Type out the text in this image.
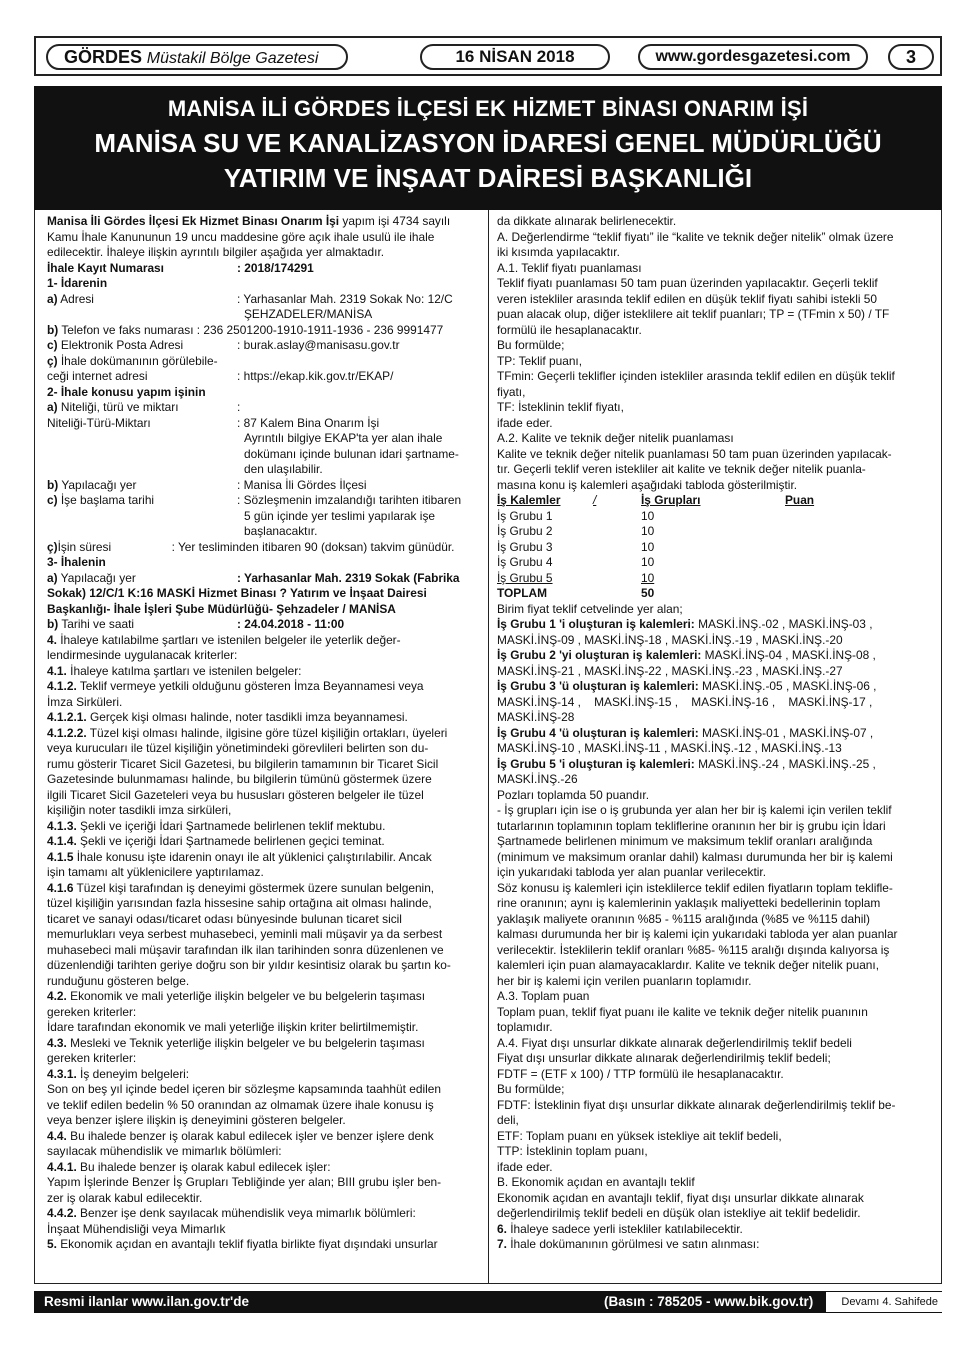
GÖRDES Müstakil Bölge Gazetesi	16 NİSAN 2018	www.gordesgazetesi.com	3
MANİSA İLİ GÖRDES İLÇESİ EK HİZMET BİNASI ONARIM İŞİ
MANİSA SU VE KANALİZASYON İDARESİ GENEL MÜDÜRLÜĞÜ
YATIRIM VE İNŞAAT DAİRESİ BAŞKANLIĞI
Manisa İli Gördes İlçesi Ek Hizmet Binası Onarım İşi yapım işi 4734 sayılı
Kamu İhale Kanununun 19 uncu maddesine göre açık ihale usulü ile ihale
edilecektir. İhaleye ilişkin ayrıntılı bilgiler aşağıda yer almaktadır.
İhale Kayıt Numarası	: 2018/174291
1- İdarenin
a) Adresi	: Yarhasanlar Mah. 2319 Sokak No: 12/C
ŞEHZADELER/MANİSA
b) Telefon ve faks numarası : 236 2501200-1910-1911-1936 - 236 9991477
c) Elektronik Posta Adresi	: burak.aslay@manisasu.gov.tr
ç) İhale dokümanının görülebile-
ceği internet adresi	: https://ekap.kik.gov.tr/EKAP/
2- İhale konusu yapım işinin
a) Niteliği, türü ve miktarı	:
Niteliği-Türü-Miktarı	: 87 Kalem Bina Onarım İşi
Ayrıntılı bilgiye EKAP'ta yer alan ihale
dokümanı içinde bulunan idari şartname-
den ulaşılabilir.
b) Yapılacağı yer	: Manisa İli Gördes İlçesi
c) İşe başlama tarihi	: Sözleşmenin imzalandığı tarihten itibaren
5 gün içinde yer teslimi yapılarak işe
başlanacaktır.
ç)İşin süresi	: Yer tesliminden itibaren 90 (doksan) takvim günüdür.
3- İhalenin
a) Yapılacağı yer	: Yarhasanlar Mah. 2319 Sokak (Fabrika
Sokak) 12/C/1 K:16 MASKİ Hizmet Binası ? Yatırım ve İnşaat Dairesi
Başkanlığı- İhale İşleri Şube Müdürlüğü- Şehzadeler / MANİSA
b) Tarihi ve saati	: 24.04.2018 - 11:00
4. İhaleye katılabilme şartları ve istenilen belgeler ile yeterlik değer-
lendirmesinde uygulanacak kriterler:
4.1. İhaleye katılma şartları ve istenilen belgeler:
4.1.2. Teklif vermeye yetkili olduğunu gösteren İmza Beyannamesi veya
İmza Sirküleri.
4.1.2.1. Gerçek kişi olması halinde, noter tasdikli imza beyannamesi.
4.1.2.2. Tüzel kişi olması halinde, ilgisine göre tüzel kişiliğin ortakları, üyeleri
veya kurucuları ile tüzel kişiliğin yönetimindeki görevlileri belirten son du-
rumu gösterir Ticaret Sicil Gazetesi, bu bilgilerin tamamının bir Ticaret Sicil
Gazetesinde bulunmaması halinde, bu bilgilerin tümünü göstermek üzere
ilgili Ticaret Sicil Gazeteleri veya bu hususları gösteren belgeler ile tüzel
kişiliğin noter tasdikli imza sirküleri,
4.1.3. Şekli ve içeriği İdari Şartnamede belirlenen teklif mektubu.
4.1.4. Şekli ve içeriği İdari Şartnamede belirlenen geçici teminat.
4.1.5 İhale konusu işte idarenin onayı ile alt yüklenici çalıştırılabilir. Ancak
işin tamamı alt yüklenicilere yaptırılamaz.
4.1.6 Tüzel kişi tarafından iş deneyimi göstermek üzere sunulan belgenin,
tüzel kişiliğin yarısından fazla hissesine sahip ortağına ait olması halinde,
ticaret ve sanayi odası/ticaret odası bünyesinde bulunan ticaret sicil
memurlukları veya serbest muhasebeci, yeminli mali müşavir ya da serbest
muhasebeci mali müşavir tarafından ilk ilan tarihinden sonra düzenlenen ve
düzenlendiği tarihten geriye doğru son bir yıldır kesintisiz olarak bu şartın ko-
runduğunu gösteren belge.
4.2. Ekonomik ve mali yeterliğe ilişkin belgeler ve bu belgelerin taşıması
gereken kriterler:
İdare tarafından ekonomik ve mali yeterliğe ilişkin kriter belirtilmemiştir.
4.3. Mesleki ve Teknik yeterliğe ilişkin belgeler ve bu belgelerin taşıması
gereken kriterler:
4.3.1. İş deneyim belgeleri:
Son on beş yıl içinde bedel içeren bir sözleşme kapsamında taahhüt edilen
ve teklif edilen bedelin % 50 oranından az olmamak üzere ihale konusu iş
veya benzer işlere ilişkin iş deneyimini gösteren belgeler.
4.4. Bu ihalede benzer iş olarak kabul edilecek işler ve benzer işlere denk
sayılacak mühendislik ve mimarlık bölümleri:
4.4.1. Bu ihalede benzer iş olarak kabul edilecek işler:
Yapım İşlerinde Benzer İş Grupları Tebliğinde yer alan; BIII grubu işler ben-
zer iş olarak kabul edilecektir.
4.4.2. Benzer işe denk sayılacak mühendislik veya mimarlık bölümleri:
İnşaat Mühendisliği veya Mimarlık
5. Ekonomik açıdan en avantajlı teklif fiyatla birlikte fiyat dışındaki unsurlar
da dikkate alınarak belirlenecektir.
A. Değerlendirme “teklif fiyatı” ile “kalite ve teknik değer nitelik” olmak üzere
iki kısımda yapılacaktır.
A.1. Teklif fiyatı puanlaması
Teklif fiyatı puanlaması 50 tam puan üzerinden yapılacaktır. Geçerli teklif
veren istekliler arasında teklif edilen en düşük teklif fiyatı sahibi istekli 50
puan alacak olup, diğer isteklilere ait teklif puanları; TP = (TFmin x 50) / TF
formülü ile hesaplanacaktır.
Bu formülde;
TP: Teklif puanı,
TFmin: Geçerli teklifler içinden istekliler arasında teklif edilen en düşük teklif
fiyatı,
TF: İsteklinin teklif fiyatı,
ifade eder.
A.2. Kalite ve teknik değer nitelik puanlaması
Kalite ve teknik değer nitelik puanlaması 50 tam puan üzerinden yapılacak-
tır. Geçerli teklif veren istekliler ait kalite ve teknik değer nitelik puanla-
masına konu iş kalemleri aşağıdaki tabloda gösterilmiştir.
İş Kalemler	/	İş Grupları	Puan
İş Grubu 1	10
İş Grubu 2	10
İş Grubu 3	10
İş Grubu 4	10
İş Grubu 5	10
TOPLAM	50
Birim fiyat teklif cetvelinde yer alan;
İş Grubu 1 'i oluşturan iş kalemleri: MASKİ.İNŞ.-02 , MASKİ.İNŞ-03 ,
MASKİ.İNŞ-09 , MASKİ.İNŞ-18 , MASKİ.İNŞ.-19 , MASKİ.İNŞ.-20
İş Grubu 2 'yi oluşturan iş kalemleri: MASKİ.İNŞ-04 , MASKİ.İNŞ-08 ,
MASKİ.İNŞ-21 , MASKİ.İNŞ-22 , MASKİ.İNŞ.-23 , MASKİ.İNŞ.-27
İş Grubu 3 'ü oluşturan iş kalemleri: MASKİ.İNŞ.-05 , MASKİ.İNŞ-06 ,
MASKİ.İNŞ-14 ,    MASKİ.İNŞ-15 ,    MASKİ.İNŞ-16 ,    MASKİ.İNŞ-17 ,
MASKİ.İNŞ-28
İş Grubu 4 'ü oluşturan iş kalemleri: MASKİ.İNŞ-01 , MASKİ.İNŞ-07 ,
MASKİ.İNŞ-10 , MASKİ.İNŞ-11 , MASKİ.İNŞ.-12 , MASKİ.İNŞ.-13
İş Grubu 5 'i oluşturan iş kalemleri: MASKİ.İNŞ.-24 , MASKİ.İNŞ.-25 ,
MASKİ.İNŞ.-26
Pozları toplamda 50 puandır.
- İş grupları için ise o iş grubunda yer alan her bir iş kalemi için verilen teklif
tutarlarının toplamının toplam tekliflerine oranının her bir iş grubu için İdari
Şartnamede belirlenen minimum ve maksimum teklif oranları aralığında
(minimum ve maksimum oranlar dahil) kalması durumunda her bir iş kalemi
için yukarıdaki tabloda yer alan puanlar verilecektir.
Söz konusu iş kalemleri için isteklilerce teklif edilen fiyatların toplam teklifle-
rine oranının; aynı iş kalemlerinin yaklaşık maliyetteki bedellerinin toplam
yaklaşık maliyete oranının %85 - %115 aralığında (%85 ve %115 dahil)
kalması durumunda her bir iş kalemi için yukarıdaki tabloda yer alan puanlar
verilecektir. İsteklilerin teklif oranları %85- %115 aralığı dışında kalıyorsa iş
kalemleri için puan alamayacaklardır. Kalite ve teknik değer nitelik puanı,
her bir iş kalemi için verilen puanların toplamıdır.
A.3. Toplam puan
Toplam puan, teklif fiyat puanı ile kalite ve teknik değer nitelik puanının
toplamıdır.
A.4. Fiyat dışı unsurlar dikkate alınarak değerlendirilmiş teklif bedeli
Fiyat dışı unsurlar dikkate alınarak değerlendirilmiş teklif bedeli;
FDTF = (ETF x 100) / TTP formülü ile hesaplanacaktır.
Bu formülde;
FDTF: İsteklinin fiyat dışı unsurlar dikkate alınarak değerlendirilmiş teklif be-
deli,
ETF: Toplam puanı en yüksek istekliye ait teklif bedeli,
TTP: İsteklinin toplam puanı,
ifade eder.
B. Ekonomik açıdan en avantajlı teklif
Ekonomik açıdan en avantajlı teklif, fiyat dışı unsurlar dikkate alınarak
değerlendirilmiş teklif bedeli en düşük olan istekliye ait teklif bedelidir.
6. İhaleye sadece yerli istekliler katılabilecektir.
7. İhale dokümanının görülmesi ve satın alınması:
Resmi ilanlar www.ilan.gov.tr'de	(Basın : 785205 - www.bik.gov.tr)	Devamı 4. Sahifede
